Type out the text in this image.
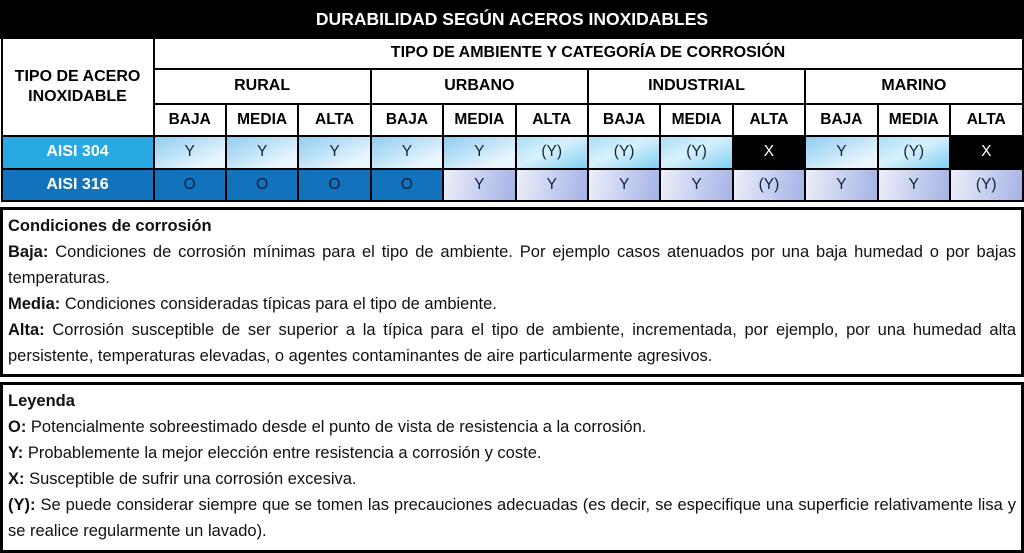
DURABILIDAD SEGÚN ACEROS INOXIDABLES												
TIPO DE ACERO INOXIDABLE	TIPO DE AMBIENTE Y CATEGORÍA DE CORROSIÓN											
	RURAL			URBANO			INDUSTRIAL			MARINO		
	BAJA	MEDIA	ALTA	BAJA	MEDIA	ALTA	BAJA	MEDIA	ALTA	BAJA	MEDIA	ALTA
AISI 304	Y	Y	Y	Y	Y	(Y)	(Y)	(Y)	X	Y	(Y)	X
AISI 316	O	O	O	O	Y	Y	Y	Y	(Y)	Y	Y	(Y)

Condiciones de corrosión

Baja: Condiciones de corrosión mínimas para el tipo de ambiente. Por ejemplo casos atenuados por una baja humedad o por bajas temperaturas.

Media: Condiciones consideradas típicas para el tipo de ambiente.

Alta: Corrosión susceptible de ser superior a la típica para el tipo de ambiente, incrementada, por ejemplo, por una humedad alta persistente, temperaturas elevadas, o agentes contaminantes de aire particularmente agresivos.

Leyenda

O: Potencialmente sobreestimado desde el punto de vista de resistencia a la corrosión.

Y: Probablemente la mejor elección entre resistencia a corrosión y coste.

X: Susceptible de sufrir una corrosión excesiva.

(Y): Se puede considerar siempre que se tomen las precauciones adecuadas (es decir, se especifique una superficie relativamente lisa y se realice regularmente un lavado).
